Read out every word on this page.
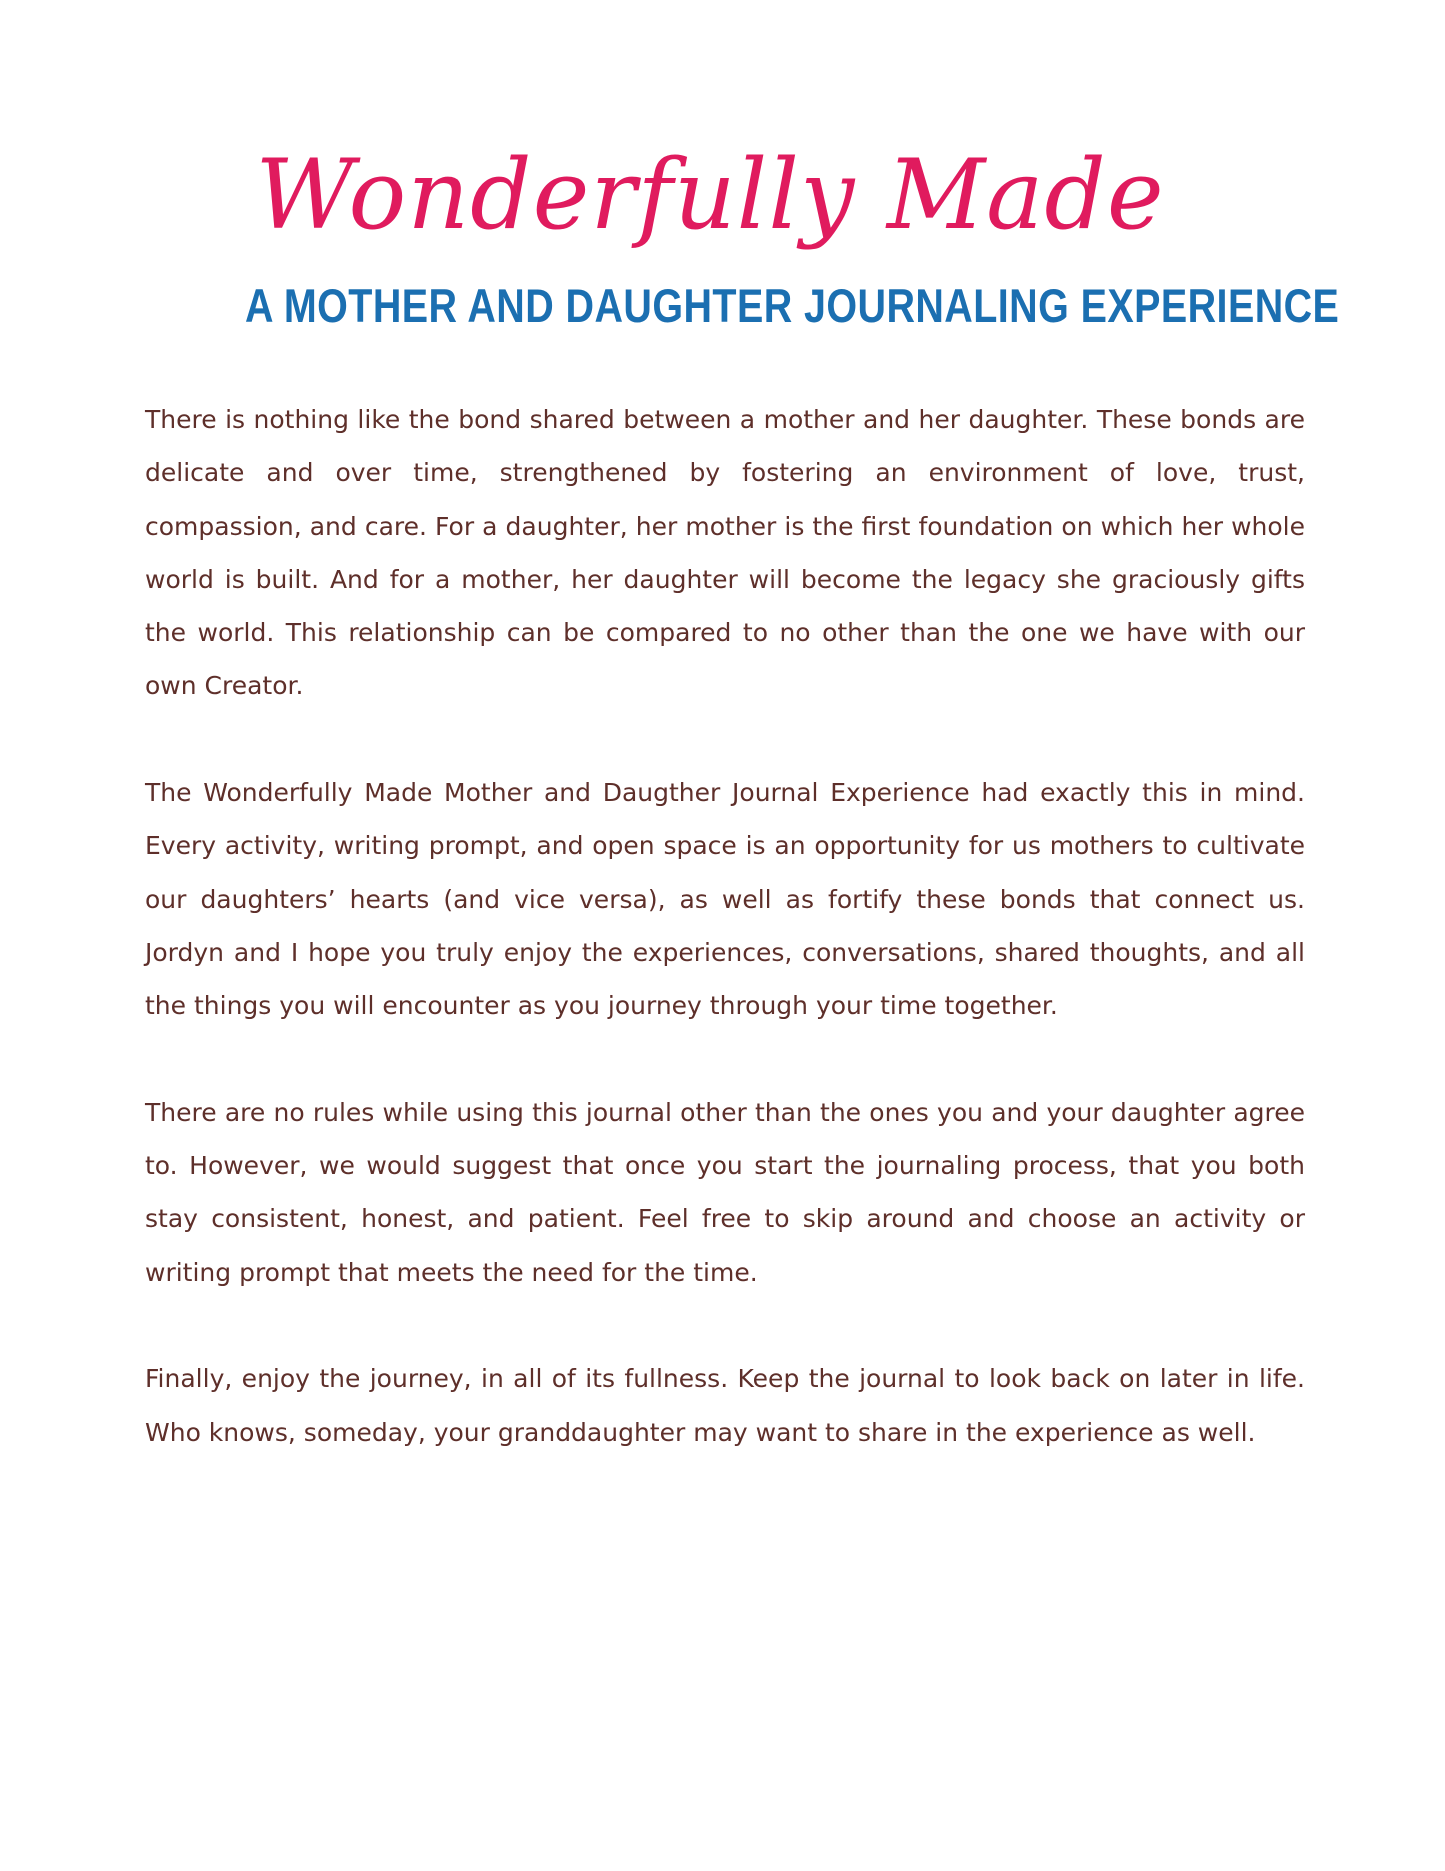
Wonderfully Made
A MOTHER AND DAUGHTER JOURNALING EXPERIENCE

There is nothing like the bond shared between a mother and her daughter. These bonds are delicate and over time, strengthened by fostering an environment of love, trust, compassion, and care. For a daughter, her mother is the first foundation on which her whole world is built. And for a mother, her daughter will become the legacy she graciously gifts the world. This relationship can be compared to no other than the one we have with our own Creator.

The Wonderfully Made Mother and Daugther Journal Experience had exactly this in mind. Every activity, writing prompt, and open space is an opportunity for us mothers to cultivate our daughters’ hearts (and vice versa), as well as fortify these bonds that connect us. Jordyn and I hope you truly enjoy the experiences, conversations, shared thoughts, and all the things you will encounter as you journey through your time together.

There are no rules while using this journal other than the ones you and your daughter agree to. However, we would suggest that once you start the journaling process, that you both stay consistent, honest, and patient. Feel free to skip around and choose an activity or writing prompt that meets the need for the time.

Finally, enjoy the journey, in all of its fullness. Keep the journal to look back on later in life. Who knows, someday, your granddaughter may want to share in the experience as well.
